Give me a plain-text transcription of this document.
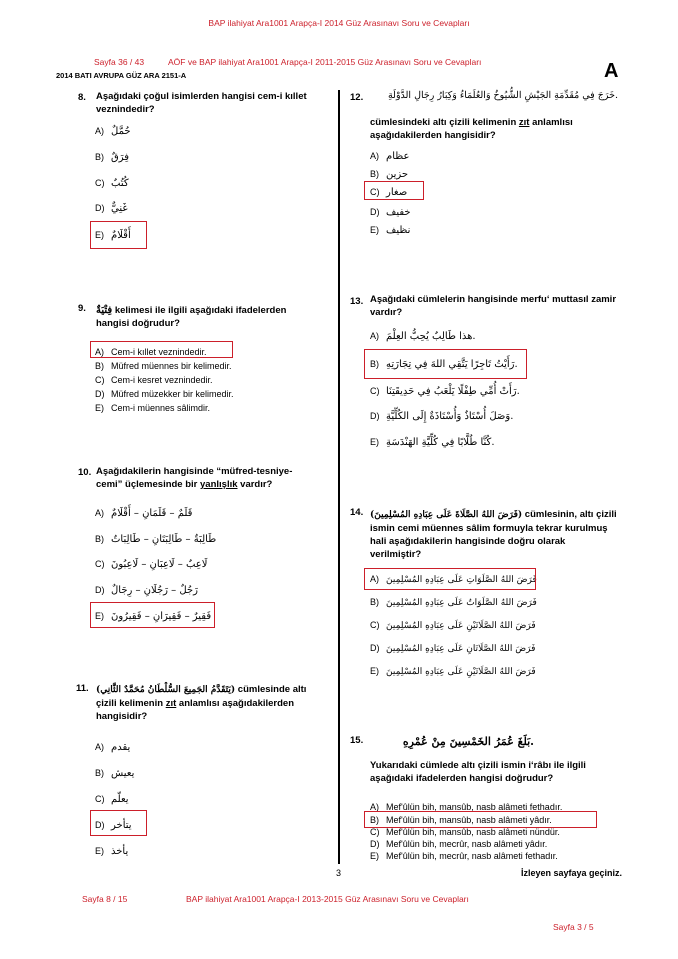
BAP ilahiyat Ara1001 Arapça-I 2014 Güz Arasınavı Soru ve Cevapları
Sayfa 36 / 43	AÖF ve BAP ilahiyat Ara1001 Arapça-I 2011-2015 Güz Arasınavı Soru ve Cevapları
2014 BATI AVRUPA GÜZ ARA 2151-A	A
8. Aşağıdaki çoğul isimlerden hangisi cem-i kıllet veznindedir?
A) حُمَّلٌ
B) فِرَقٌ
C) كُتُبٌ
D) غَنِيٌّ
E) أَقْلَامٌ
9. فِتْيَةٌ kelimesi ile ilgili aşağıdaki ifadelerden hangisi doğrudur?
A) Cem-i kıllet veznindedir.
B) Müfred müennes bir kelimedir.
C) Cem-i kesret veznindedir.
D) Müfred müzekker bir kelimedir.
E) Cem-i müennes sâlimdir.
10. Aşağıdakilerin hangisinde “müfred-tesniye-cemi” üçlemesinde bir yanlışlık vardır?
A) قَلَمٌ – قَلَمَانِ – أَقْلَامٌ
B) طَالِبَةٌ – طَالِبَتَانِ – طَالِبَاتٌ
C) لَاعِبٌ – لَاعِبَانِ – لَاعِبُونَ
D) رَجُلٌ – رَجُلَانِ – رِجَالٌ
E) فَقِيرٌ – فَقِيرَانِ – فَقِيرُونَ
11. (يَتَقَدَّمُ الجَمِيعَ السُّلْطَانُ مُحَمَّدٌ الثَّانِي) cümlesinde altı çizili kelimenin zıt anlamlısı aşağıdakilerden hangisidir?
A) يقدم
B) يعيش
C) يعلّم
D) يتأخر
E) يأخذ
12.	خَرَجَ فِي مُقَدِّمَةِ الجَيْشِ الشُّيُوخُ وَالعُلَمَاءُ وَكِبَارُ رِجَالِ الدَّوْلَةِ.
cümlesindeki altı çizili kelimenin zıt anlamlısı aşağıdakilerden hangisidir?
A) عظام
B) حزين
C) صغار
D) خفيف
E) نظيف
13. Aşağıdaki cümlelerin hangisinde merfu‘ muttasıl zamir vardır?
A) هذا طَالِبٌ يُحِبُّ العِلْمَ.
B) رَأَيْتُ تَاجِرًا يَتَّقِي اللهَ فِي تِجَارَتِهِ.
C) رَأَتْ أُمِّي طِفْلًا يَلْعَبُ فِي حَدِيقَتِنَا.
D) وَصَلَ أُسْتَاذٌ وَأُسْتَاذَةٌ إِلَى الكُلِّيَّةِ.
E) كُنَّا طُلَّابًا فِي كُلِّيَّةِ الهَنْدَسَةِ.
14. (فَرَضَ اللهُ الصَّلَاةَ عَلَى عِبَادِهِ المُسْلِمِينَ) cümlesinin, altı çizili ismin cemi müennes sâlim formuyla tekrar kurulmuş hali aşağıdakilerin hangisinde doğru olarak verilmiştir?
A) فَرَضَ اللهُ الصَّلَوَاتِ عَلَى عِبَادِهِ المُسْلِمِينَ
B) فَرَضَ اللهُ الصَّلَوَاتُ عَلَى عِبَادِهِ المُسْلِمِينَ
C) فَرَضَ اللهُ الصَّلَاتَيْنِ عَلَى عِبَادِهِ المُسْلِمِينَ
D) فَرَضَ اللهُ الصَّلَاتَانِ عَلَى عِبَادِهِ المُسْلِمِينَ
E) فَرَضَ اللهُ الصَّلَاتَيْنِ عَلَى عِبَادِهِ المُسْلِمِينَ
15.	بَلَغَ عُمَرُ الخَمْسِينَ مِنْ عُمْرِهِ.
Yukarıdaki cümlede altı çizili ismin i‘râbı ile ilgili aşağıdaki ifadelerden hangisi doğrudur?
A) Mef'ûlün bih, mansûb, nasb alâmeti fethadır.
B) Mef'ûlün bih, mansûb, nasb alâmeti yâdır.
C) Mef'ûlün bih, mansûb, nasb alâmeti nündür.
D) Mef'ûlün bih, mecrûr, nasb alâmeti yâdır.
E) Mef'ûlün bih, mecrûr, nasb alâmeti fethadır.
3	İzleyen sayfaya geçiniz.
Sayfa 8 / 15	BAP ilahiyat Ara1001 Arapça-I 2013-2015 Güz Arasınavı Soru ve Cevapları
Sayfa 3 / 5
